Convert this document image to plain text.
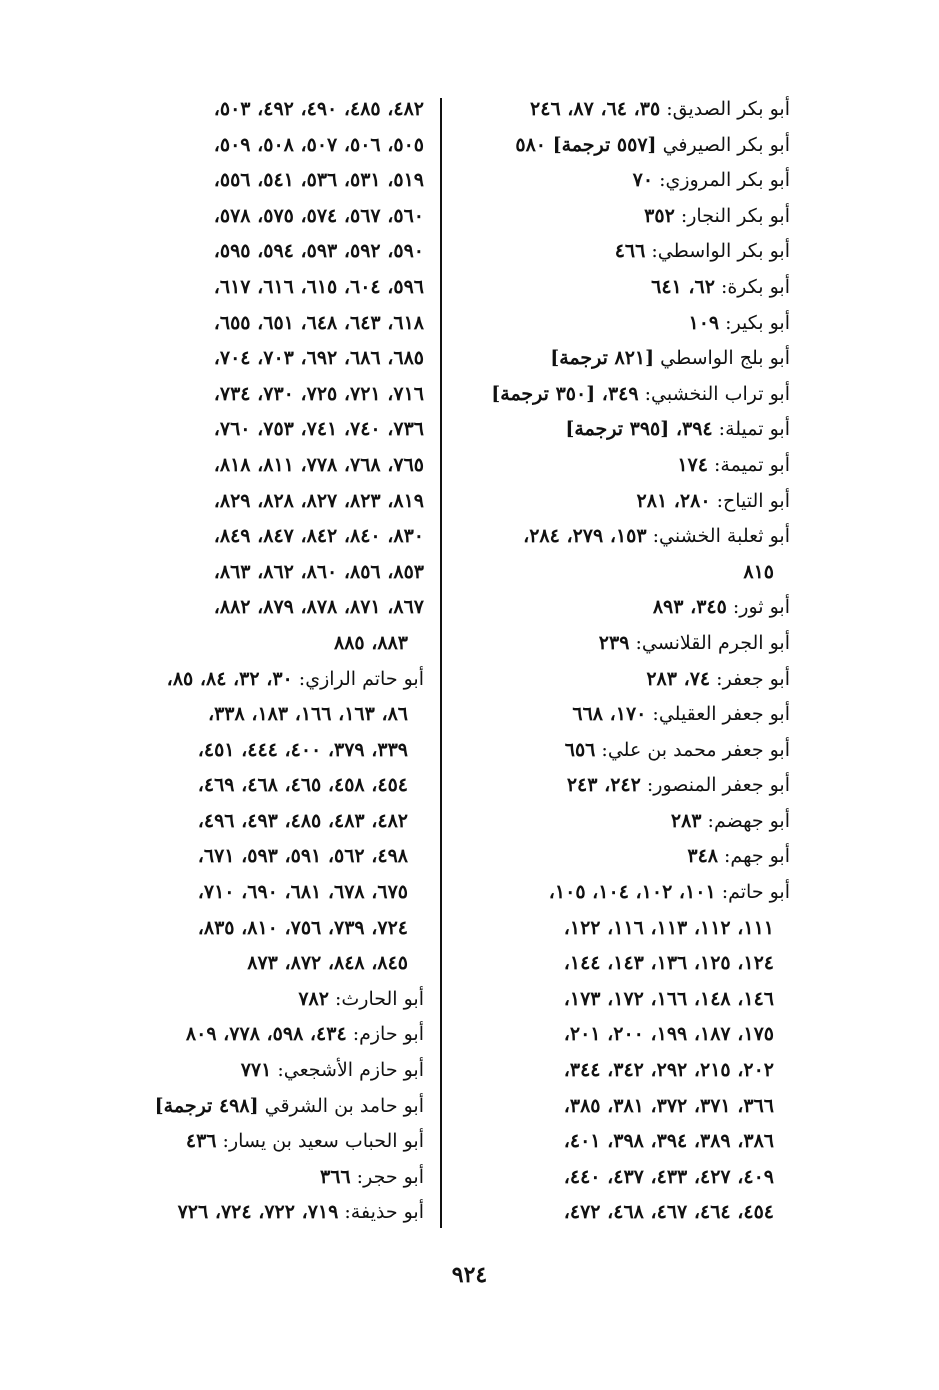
أبو بكر الصديق: ٣٥، ٦٤، ٨٧، ٢٤٦
أبو بكر الصيرفي [٥٥٧ ترجمة] ٥٨٠
أبو بكر المروزي: ٧٠
أبو بكر النجار: ٣٥٢
أبو بكر الواسطي: ٤٦٦
أبو بكرة: ٦٢، ٦٤١
أبو بكير: ١٠٩
أبو بلج الواسطي [٨٢١ ترجمة]
أبو تراب النخشبي: ٣٤٩، [٣٥٠ ترجمة]
أبو تميلة: ٣٩٤، [٣٩٥ ترجمة]
أبو تميمة: ١٧٤
أبو التياح: ٢٨٠، ٢٨١
أبو ثعلبة الخشني: ١٥٣، ٢٧٩، ٢٨٤،
٨١٥
أبو ثور: ٣٤٥، ٨٩٣
أبو الجرم القلانسي: ٢٣٩
أبو جعفر: ٧٤، ٢٨٣
أبو جعفر العقيلي: ١٧٠، ٦٦٨
أبو جعفر محمد بن علي: ٦٥٦
أبو جعفر المنصور: ٢٤٢، ٢٤٣
أبو جهضم: ٢٨٣
أبو جهم: ٣٤٨
أبو حاتم: ١٠١، ١٠٢، ١٠٤، ١٠٥،
١١١، ١١٢، ١١٣، ١١٦، ١٢٢،
١٢٤، ١٢٥، ١٣٦، ١٤٣، ١٤٤،
١٤٦، ١٤٨، ١٦٦، ١٧٢، ١٧٣،
١٧٥، ١٨٧، ١٩٩، ٢٠٠، ٢٠١،
٢٠٢، ٢١٥، ٢٩٢، ٣٤٢، ٣٤٤،
٣٦٦، ٣٧١، ٣٧٢، ٣٨١، ٣٨٥،
٣٨٦، ٣٨٩، ٣٩٤، ٣٩٨، ٤٠١،
٤٠٩، ٤٢٧، ٤٣٣، ٤٣٧، ٤٤٠،
٤٥٤، ٤٦٤، ٤٦٧، ٤٦٨، ٤٧٢،
٤٨٢، ٤٨٥، ٤٩٠، ٤٩٢، ٥٠٣،
٥٠٥، ٥٠٦، ٥٠٧، ٥٠٨، ٥٠٩،
٥١٩، ٥٣١، ٥٣٦، ٥٤١، ٥٥٦،
٥٦٠، ٥٦٧، ٥٧٤، ٥٧٥، ٥٧٨،
٥٩٠، ٥٩٢، ٥٩٣، ٥٩٤، ٥٩٥،
٥٩٦، ٦٠٤، ٦١٥، ٦١٦، ٦١٧،
٦١٨، ٦٤٣، ٦٤٨، ٦٥١، ٦٥٥،
٦٨٥، ٦٨٦، ٦٩٢، ٧٠٣، ٧٠٤،
٧١٦، ٧٢١، ٧٢٥، ٧٣٠، ٧٣٤،
٧٣٦، ٧٤٠، ٧٤١، ٧٥٣، ٧٦٠،
٧٦٥، ٧٦٨، ٧٧٨، ٨١١، ٨١٨،
٨١٩، ٨٢٣، ٨٢٧، ٨٢٨، ٨٢٩،
٨٣٠، ٨٤٠، ٨٤٢، ٨٤٧، ٨٤٩،
٨٥٣، ٨٥٦، ٨٦٠، ٨٦٢، ٨٦٣،
٨٦٧، ٨٧١، ٨٧٨، ٨٧٩، ٨٨٢،
٨٨٣، ٨٨٥
أبو حاتم الرازي: ٣٠، ٣٢، ٨٤، ٨٥،
٨٦، ١٦٣، ١٦٦، ١٨٣، ٣٣٨،
٣٣٩، ٣٧٩، ٤٠٠، ٤٤٤، ٤٥١،
٤٥٤، ٤٥٨، ٤٦٥، ٤٦٨، ٤٦٩،
٤٨٢، ٤٨٣، ٤٨٥، ٤٩٣، ٤٩٦،
٤٩٨، ٥٦٢، ٥٩١، ٥٩٣، ٦٧١،
٦٧٥، ٦٧٨، ٦٨١، ٦٩٠، ٧١٠،
٧٢٤، ٧٣٩، ٧٥٦، ٨١٠، ٨٣٥،
٨٤٥، ٨٤٨، ٨٧٢، ٨٧٣
أبو الحارث: ٧٨٢
أبو حازم: ٤٣٤، ٥٩٨، ٧٧٨، ٨٠٩
أبو حازم الأشجعي: ٧٧١
أبو حامد بن الشرقي [٤٩٨ ترجمة]
أبو الحباب سعيد بن يسار: ٤٣٦
أبو حجر: ٣٦٦
أبو حذيفة: ٧١٩، ٧٢٢، ٧٢٤، ٧٢٦
٩٢٤
